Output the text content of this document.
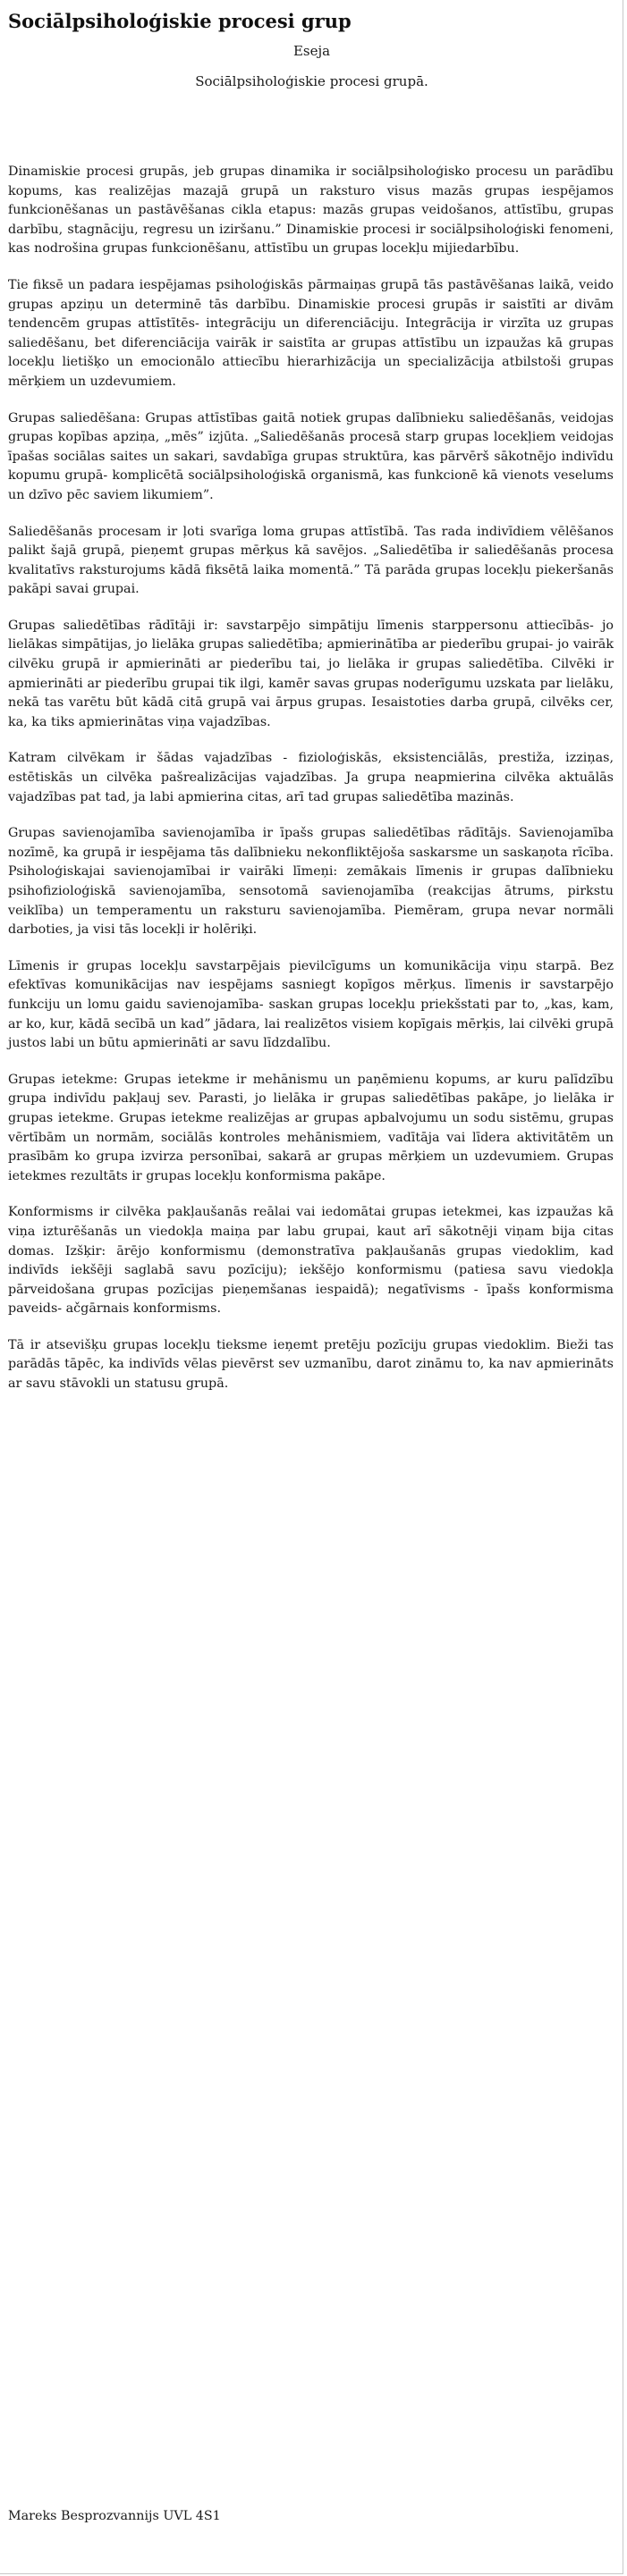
Sociālpsiholoģiskie procesi grup
Eseja
Sociālpsiholoģiskie procesi grupā.

Dinamiskie procesi grupās, jeb grupas dinamika ir sociālpsiholoģisko procesu un parādību kopums, kas realizējas mazajā grupā un raksturo visus mazās grupas iespējamos funkcionēšanas un pastāvēšanas cikla etapus: mazās grupas veidošanos, attīstību, grupas darbību, stagnāciju, regresu un iziršanu.” Dinamiskie procesi ir sociālpsiholoģiski fenomeni, kas nodrošina grupas funkcionēšanu, attīstību un grupas locekļu mijiedarbību.

Tie fiksē un padara iespējamas psiholoģiskās pārmaiņas grupā tās pastāvēšanas laikā, veido grupas apziņu un determinē tās darbību. Dinamiskie procesi grupās ir saistīti ar divām tendencēm grupas attīstītēs- integrāciju un diferenciāciju. Integrācija ir virzīta uz grupas saliedēšanu, bet diferenciācija vairāk ir saistīta ar grupas attīstību un izpaužas kā grupas locekļu lietišķo un emocionālo attiecību hierarhizācija un specializācija atbilstoši grupas mērķiem un uzdevumiem.

Grupas saliedēšana: Grupas attīstības gaitā notiek grupas dalībnieku saliedēšanās, veidojas grupas kopības apziņa, „mēs” izjūta. „Saliedēšanās procesā starp grupas locekļiem veidojas īpašas sociālas saites un sakari, savdabīga grupas struktūra, kas pārvērš sākotnējo indivīdu kopumu grupā- komplicētā sociālpsiholoģiskā organismā, kas funkcionē kā vienots veselums un dzīvo pēc saviem likumiem”.

Saliedēšanās procesam ir ļoti svarīga loma grupas attīstībā. Tas rada indivīdiem vēlēšanos palikt šajā grupā, pieņemt grupas mērķus kā savējos. „Saliedētība ir saliedēšanās procesa kvalitatīvs raksturojums kādā fiksētā laika momentā.” Tā parāda grupas locekļu piekeršanās pakāpi savai grupai.

Grupas saliedētības rādītāji ir: savstarpējo simpātiju līmenis starppersonu attiecībās- jo lielākas simpātijas, jo lielāka grupas saliedētība; apmierinātība ar piederību grupai- jo vairāk cilvēku grupā ir apmierināti ar piederību tai, jo lielāka ir grupas saliedētība. Cilvēki ir apmierināti ar piederību grupai tik ilgi, kamēr savas grupas noderīgumu uzskata par lielāku, nekā tas varētu būt kādā citā grupā vai ārpus grupas. Iesaistoties darba grupā, cilvēks cer, ka, ka tiks apmierinātas viņa vajadzības.

Katram cilvēkam ir šādas vajadzības - fizioloģiskās, eksistenciālās, prestiža, izziņas, estētiskās un cilvēka pašrealizācijas vajadzības. Ja grupa neapmierina cilvēka aktuālās vajadzības pat tad, ja labi apmierina citas, arī tad grupas saliedētība mazinās.

Grupas savienojamība savienojamība ir īpašs grupas saliedētības rādītājs. Savienojamība nozīmē, ka grupā ir iespējama tās dalībnieku nekonfliktējoša saskarsme un saskaņota rīcība. Psiholoģiskajai savienojamībai ir vairāki līmeņi: zemākais līmenis ir grupas dalībnieku psihofizioloģiskā savienojamība, sensotomā savienojamība (reakcijas ātrums, pirkstu veiklība) un temperamentu un raksturu savienojamība. Piemēram, grupa nevar normāli darboties, ja visi tās locekļi ir holēriķi.

Līmenis ir grupas locekļu savstarpējais pievilcīgums un komunikācija viņu starpā. Bez efektīvas komunikācijas nav iespējams sasniegt kopīgos mērķus. līmenis ir savstarpējo funkciju un lomu gaidu savienojamība- saskan grupas locekļu priekšstati par to, „kas, kam, ar ko, kur, kādā secībā un kad” jādara, lai realizētos visiem kopīgais mērķis, lai cilvēki grupā justos labi un būtu apmierināti ar savu līdzdalību.

Grupas ietekme: Grupas ietekme ir mehānismu un paņēmienu kopums, ar kuru palīdzību grupa indivīdu pakļauj sev. Parasti, jo lielāka ir grupas saliedētības pakāpe, jo lielāka ir grupas ietekme. Grupas ietekme realizējas ar grupas apbalvojumu un sodu sistēmu, grupas vērtībām un normām, sociālās kontroles mehānismiem, vadītāja vai līdera aktivitātēm un prasībām ko grupa izvirza personībai, sakarā ar grupas mērķiem un uzdevumiem. Grupas ietekmes rezultāts ir grupas locekļu konformisma pakāpe.

Konformisms ir cilvēka pakļaušanās reālai vai iedomātai grupas ietekmei, kas izpaužas kā viņa izturēšanās un viedokļa maiņa par labu grupai, kaut arī sākotnēji viņam bija citas domas. Izšķir: ārējo konformismu (demonstratīva pakļaušanās grupas viedoklim, kad indivīds iekšēji saglabā savu pozīciju); iekšējo konformismu (patiesa savu viedokļa pārveidošana grupas pozīcijas pieņemšanas iespaidā); negatīvisms - īpašs konformisma paveids- ačgārnais konformisms.

Tā ir atsevišķu grupas locekļu tieksme ieņemt pretēju pozīciju grupas viedoklim. Bieži tas parādās tāpēc, ka indivīds vēlas pievērst sev uzmanību, darot zināmu to, ka nav apmierināts ar savu stāvokli un statusu grupā.

Mareks Besprozvannijs UVL 4S1
